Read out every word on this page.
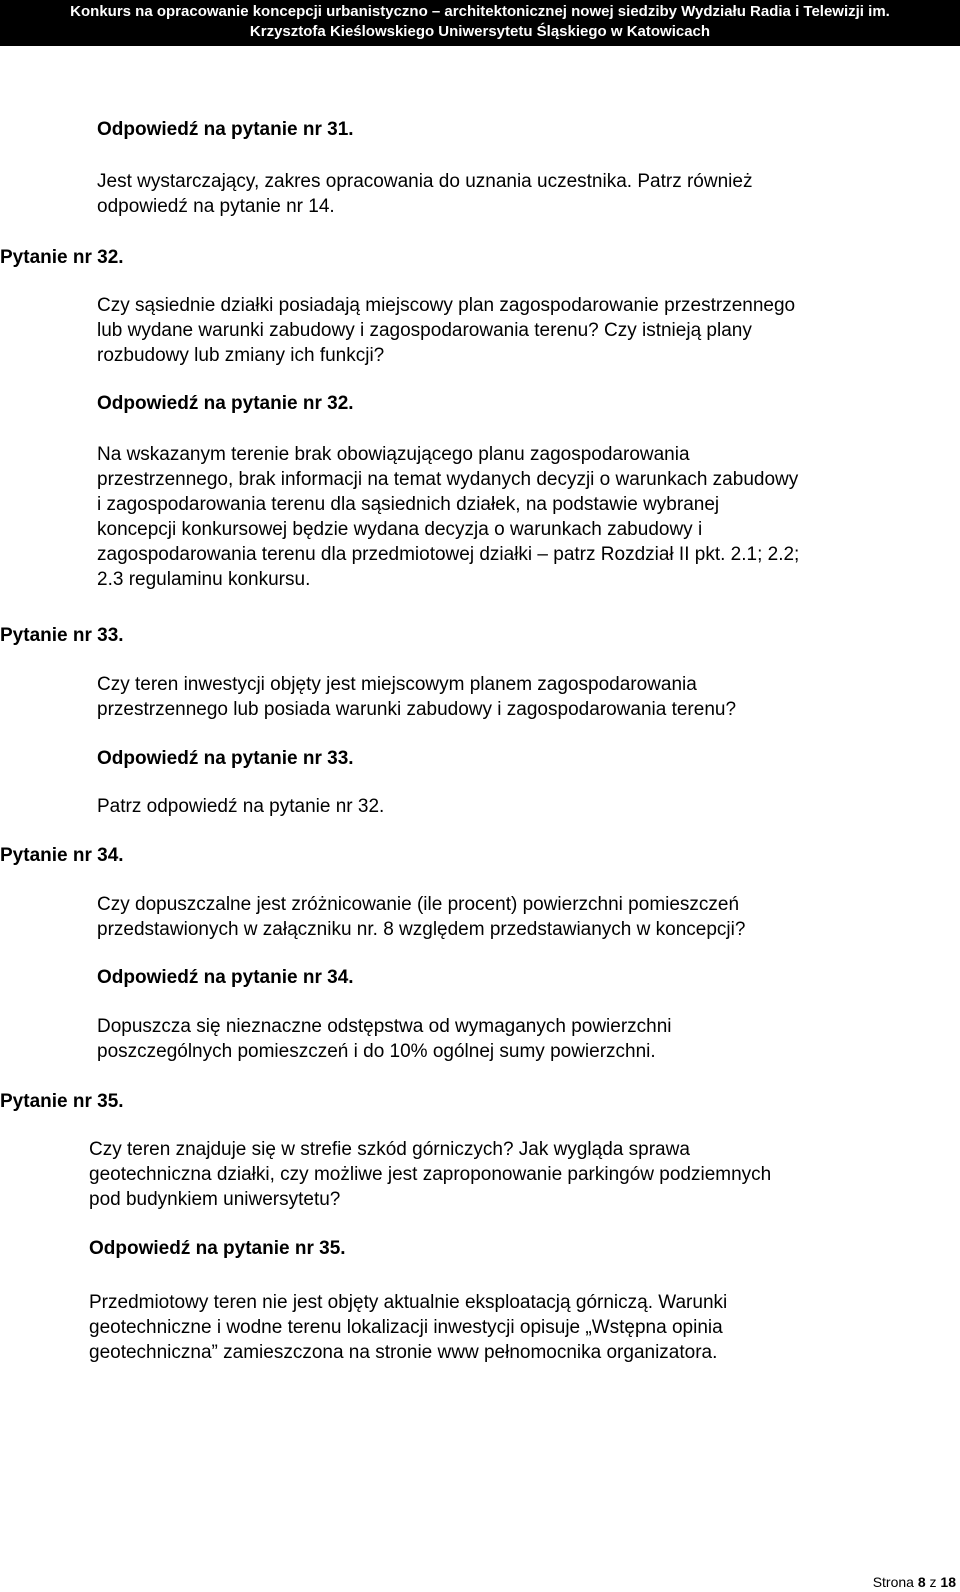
Konkurs na opracowanie koncepcji urbanistyczno – architektonicznej nowej siedziby Wydziału Radia i Telewizji im.
Krzysztofa Kieślowskiego Uniwersytetu Śląskiego w Katowicach
Odpowiedź na pytanie nr 31.
Jest wystarczający, zakres opracowania do uznania uczestnika. Patrz również
odpowiedź na pytanie nr 14.
Pytanie nr 32.
Czy sąsiednie działki posiadają miejscowy plan zagospodarowanie przestrzennego
lub wydane warunki zabudowy i zagospodarowania terenu? Czy istnieją plany
rozbudowy lub zmiany ich funkcji?
Odpowiedź na pytanie nr 32.
Na wskazanym terenie brak obowiązującego planu zagospodarowania
przestrzennego, brak informacji na temat wydanych decyzji o warunkach zabudowy
i zagospodarowania terenu dla sąsiednich działek, na podstawie wybranej
koncepcji konkursowej będzie wydana decyzja o warunkach zabudowy i
zagospodarowania terenu dla przedmiotowej działki – patrz Rozdział II pkt. 2.1; 2.2;
2.3 regulaminu konkursu.
Pytanie nr 33.
Czy teren inwestycji objęty jest miejscowym planem zagospodarowania
przestrzennego lub posiada warunki zabudowy i zagospodarowania terenu?
Odpowiedź na pytanie nr 33.
Patrz odpowiedź na pytanie nr 32.
Pytanie nr 34.
Czy dopuszczalne jest zróżnicowanie (ile procent) powierzchni pomieszczeń
przedstawionych w załączniku nr. 8 względem przedstawianych w koncepcji?
Odpowiedź na pytanie nr 34.
Dopuszcza się nieznaczne odstępstwa od wymaganych powierzchni
poszczególnych pomieszczeń i do 10% ogólnej sumy powierzchni.
Pytanie nr 35.
Czy teren znajduje się w strefie szkód górniczych? Jak wygląda sprawa
geotechniczna działki, czy możliwe jest zaproponowanie parkingów podziemnych
pod budynkiem uniwersytetu?
Odpowiedź na pytanie nr 35.
Przedmiotowy teren nie jest objęty aktualnie eksploatacją górniczą. Warunki
geotechniczne i wodne terenu lokalizacji inwestycji opisuje „Wstępna opinia
geotechniczna” zamieszczona na stronie www pełnomocnika organizatora.
Strona 8 z 18
